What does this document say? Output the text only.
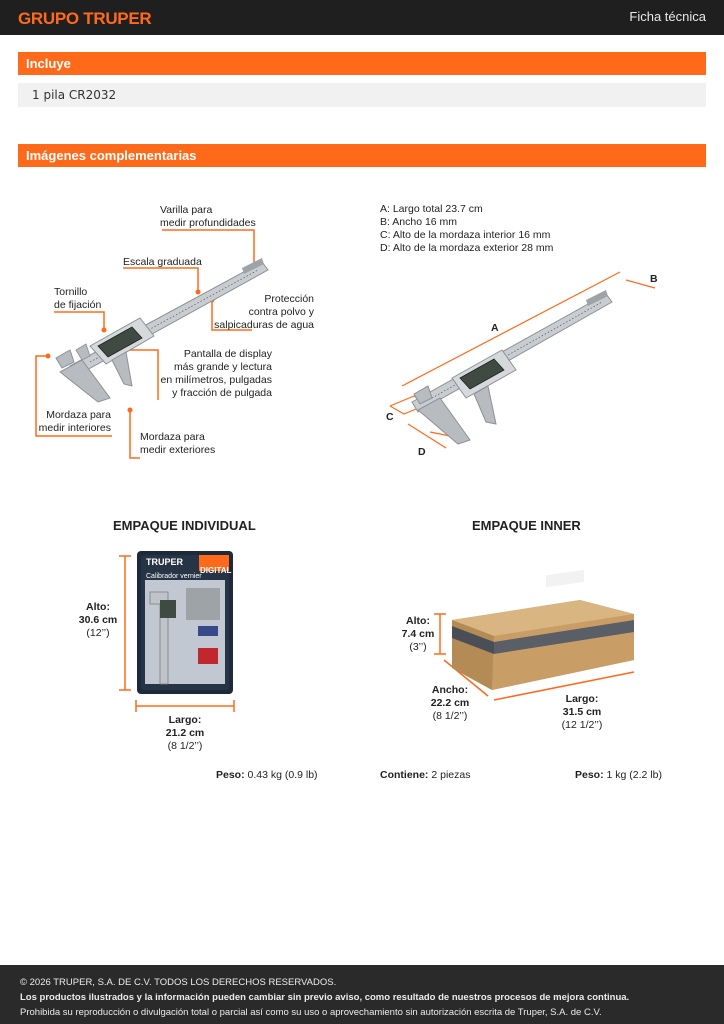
GRUPO TRUPER	Ficha técnica
Incluye
1 pila CR2032
Imágenes complementarias
Varilla para
medir profundidades
Escala graduada
Tornillo
de fijación	Protección
contra polvo y
salpicaduras de agua
Pantalla de display
más grande y lectura
en milímetros, pulgadas
y fracción de pulgada
Mordaza para
medir interiores
Mordaza para
medir exteriores
A: Largo total 23.7 cm
B: Ancho 16 mm
C: Alto de la mordaza interior 16 mm
D: Alto de la mordaza exterior 28 mm
A
B
C
D
EMPAQUE INDIVIDUAL
TRUPER
DIGITAL
Calibrador vernier
Alto:
30.6 cm
(12’’)
Largo:
21.2 cm
(8 1/2’’)
Peso: 0.43 kg (0.9 lb)
EMPAQUE INNER
Alto:
7.4 cm
(3’’)
Ancho:
22.2 cm
(8 1/2’’)
Largo:
31.5 cm
(12 1/2’’)
Contiene: 2 piezas	Peso: 1 kg (2.2 lb)
© 2026 TRUPER, S.A. DE C.V. TODOS LOS DERECHOS RESERVADOS.
Los productos ilustrados y la información pueden cambiar sin previo aviso, como resultado de nuestros procesos de mejora continua.
Prohibida su reproducción o divulgación total o parcial así como su uso o aprovechamiento sin autorización escrita de Truper, S.A. de C.V.
